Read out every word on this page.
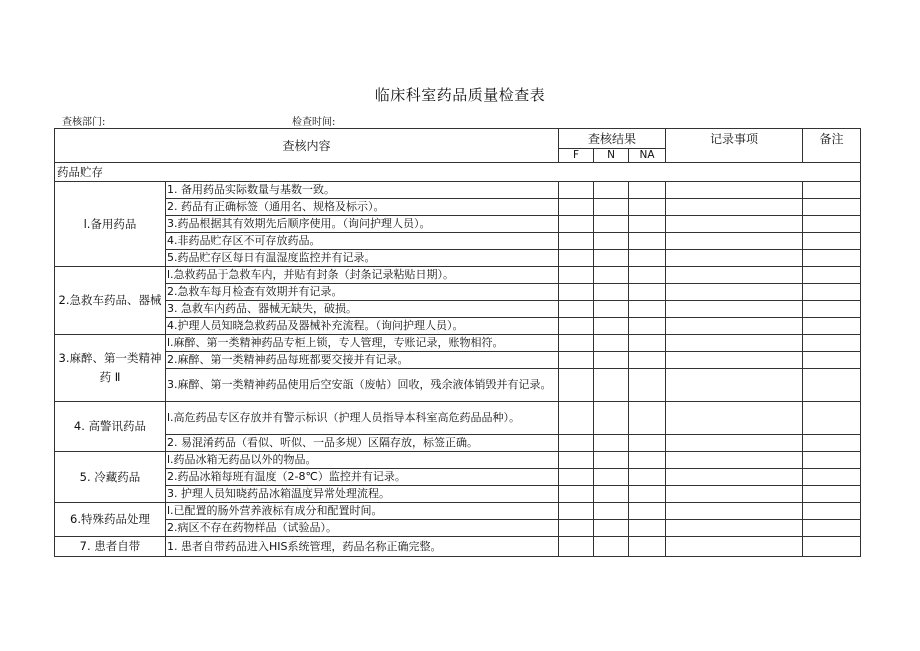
临床科室药品质量检查表
查核部门:	检查时间:
查核内容		查核结果			记录事项	备注
		F	N	NA		
药品贮存						
l.备用药品	1. 备用药品实际数量与基数一致。					
	2. 药品有正确标签（通用名、规格及标示）。					
	3.药品根据其有效期先后顺序使用。（询问护理人员）。					
	4.非药品贮存区不可存放药品。					
	5.药品贮存区每日有温湿度监控并有记录。					
2.急救车药品、器械	l.急救药品于急救车内，并贴有封条（封条记录粘贴日期）。					
	2.急救车每月检查有效期并有记录。					
	3. 急救车内药品、器械无缺失，破损。					
	4.护理人员知晓急救药品及器械补充流程。（询问护理人员）。					
3.麻醉、第一类精神药 Ⅱ	l.麻醉、第一类精神药品专柜上锁，专人管理，专账记录，账物相符。					
	2.麻醉、第一类精神药品每班都要交接并有记录。					
	3.麻醉、第一类精神药品使用后空安瓿（废帖）回收，残余液体销毁并有记录。					
4. 高警讯药品	l.高危药品专区存放并有警示标识（护理人员指导本科室高危药品品种）。					
	2. 易混淆药品（看似、听似、一品多规）区隔存放，标签正确。					
5. 冷藏药品	l.药品冰箱无药品以外的物品。					
	2.药品冰箱每班有温度（2-8℃）监控并有记录。					
	3. 护理人员知晓药品冰箱温度异常处理流程。					
6.特殊药品处理	l.已配置的肠外营养液标有成分和配置时间。					
	2.病区不存在药物样品（试验品）。					
7. 患者自带	1. 患者自带药品进入HIS系统管理，药品名称正确完整。					
